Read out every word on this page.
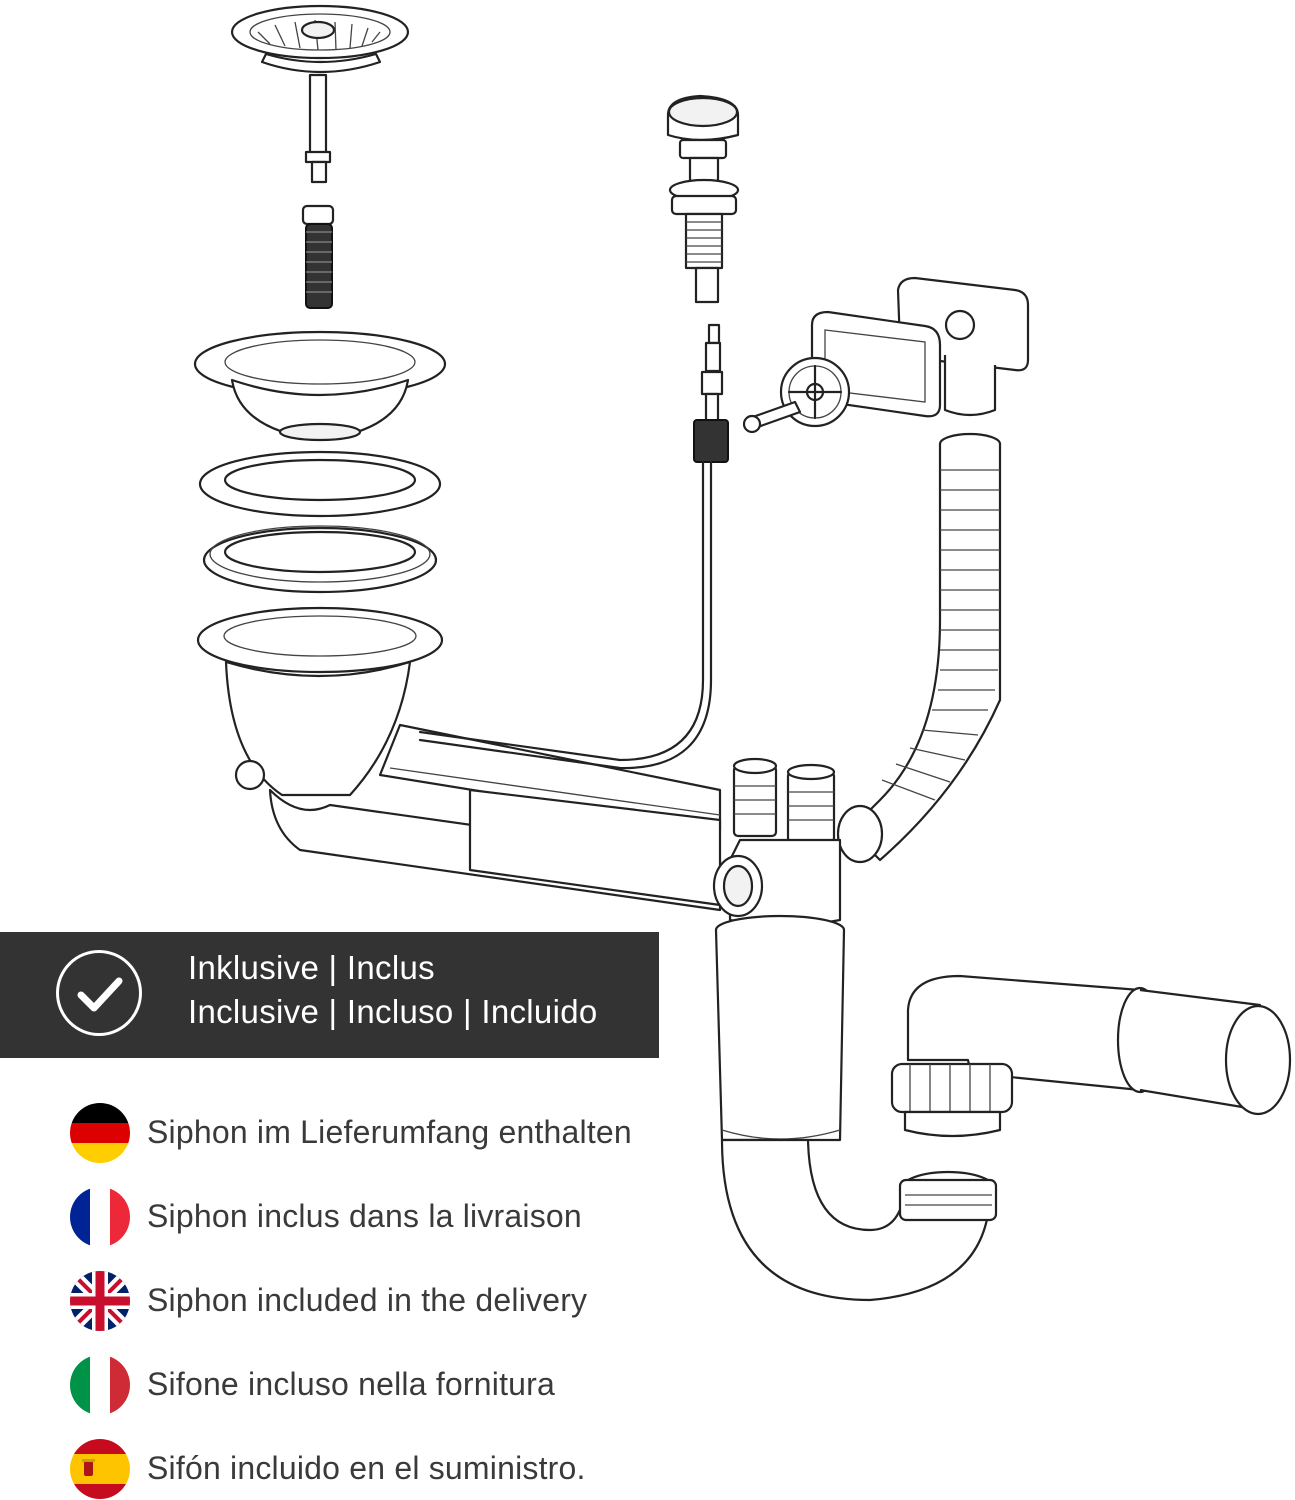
Inklusive | Inclus
Inclusive | Incluso | Incluido
Siphon im Lieferumfang enthalten
Siphon inclus dans la livraison
Siphon included in the delivery
Sifone incluso nella fornitura
Sifón incluido en el suministro.
